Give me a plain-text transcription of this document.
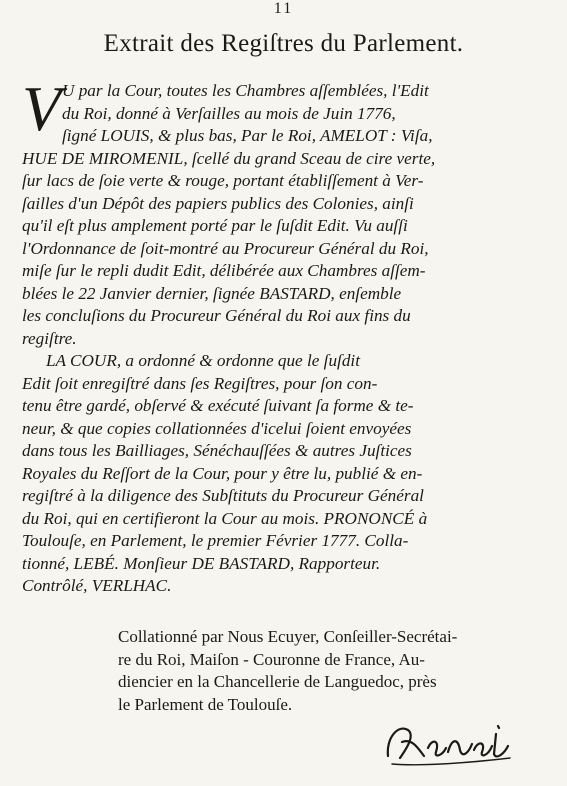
11
Extrait des Regiſtres du Parlement.
V U par la Cour, toutes les Chambres aſſemblées, l'Edit
du Roi, donné à Verſailles au mois de Juin 1776,
ſigné LOUIS, & plus bas, Par le Roi, AMELOT : Viſa,
HUE DE MIROMENIL, ſcellé du grand Sceau de cire verte,
ſur lacs de ſoie verte & rouge, portant établiſſement à Ver-
ſailles d'un Dépôt des papiers publics des Colonies, ainſi
qu'il eſt plus amplement porté par le ſuſdit Edit. Vu auſſi
l'Ordonnance de ſoit-montré au Procureur Général du Roi,
miſe ſur le repli dudit Edit, délibérée aux Chambres aſſem-
blées le 22 Janvier dernier, ſignée BASTARD, enſemble
les concluſions du Procureur Général du Roi aux fins du
regiſtre.
LA COUR, a ordonné & ordonne que le ſuſdit
Edit ſoit enregiſtré dans ſes Regiſtres, pour ſon con-
tenu être gardé, obſervé & exécuté ſuivant ſa forme & te-
neur, & que copies collationnées d'icelui ſoient envoyées
dans tous les Bailliages, Sénéchauſſées & autres Juſtices
Royales du Reſſort de la Cour, pour y être lu, publié & en-
regiſtré à la diligence des Subſtituts du Procureur Général
du Roi, qui en certifieront la Cour au mois. PRONONCÉ à
Toulouſe, en Parlement, le premier Février 1777. Colla-
tionné, LEBÉ. Monſieur DE BASTARD, Rapporteur.
Contrôlé, VERLHAC.
Collationné par Nous Ecuyer, Conſeiller-Secrétai-
re du Roi, Maiſon - Couronne de France, Au-
diencier en la Chancellerie de Languedoc, près
le Parlement de Toulouſe.
